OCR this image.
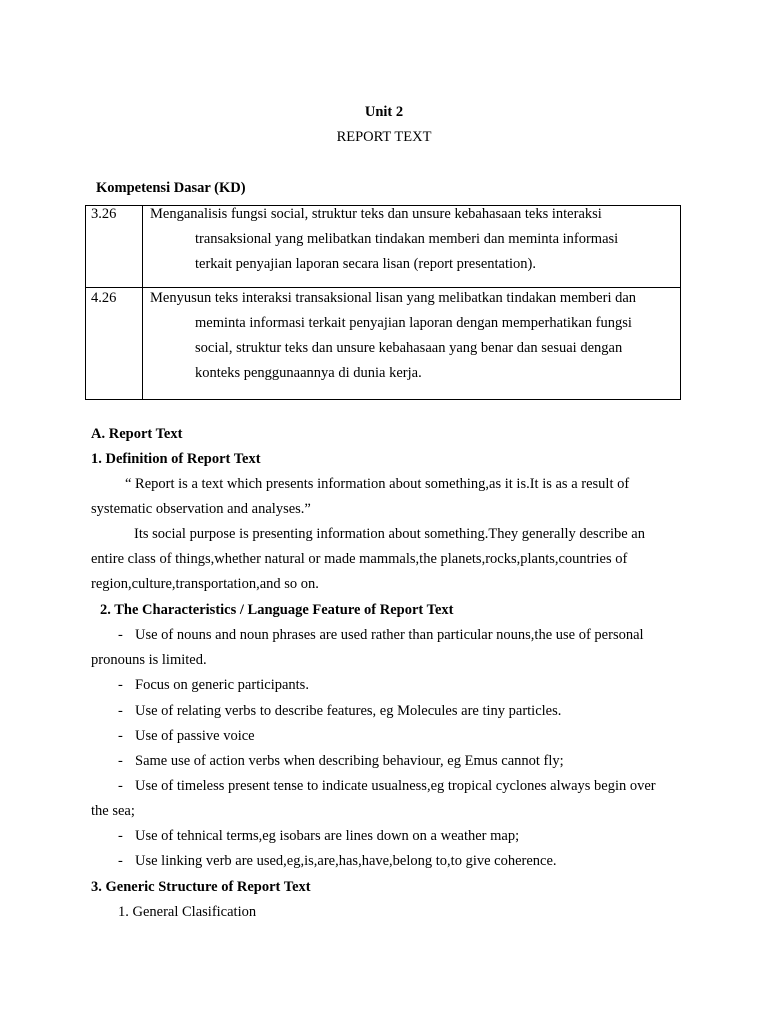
Unit 2
REPORT TEXT
Kompetensi Dasar (KD)
3.26	Menganalisis fungsi social, struktur teks dan unsure kebahasaan teks interaksi
transaksional yang melibatkan tindakan memberi dan meminta informasi
terkait penyajian laporan secara lisan (report presentation).

4.26	Menyusun teks interaksi transaksional lisan yang melibatkan tindakan memberi dan
meminta informasi terkait penyajian laporan dengan memperhatikan fungsi
social, struktur teks dan unsure kebahasaan yang benar dan sesuai dengan
konteks penggunaannya di dunia kerja.
A. Report Text
1. Definition of Report Text
“ Report is a text which presents information about something,as it is.It is as a result of
systematic observation and analyses.”
Its social purpose is presenting information about something.They generally describe an
entire class of things,whether natural or made mammals,the planets,rocks,plants,countries of
region,culture,transportation,and so on.
2. The Characteristics / Language Feature of Report Text
- Use of nouns and noun phrases are used rather than particular nouns,the use of personal
pronouns is limited.
- Focus on generic participants.
- Use of relating verbs to describe features, eg Molecules are tiny particles.
- Use of passive voice
- Same use of action verbs when describing behaviour, eg Emus cannot fly;
- Use of timeless present tense to indicate usualness,eg tropical cyclones always begin over
the sea;
- Use of tehnical terms,eg isobars are lines down on a weather map;
- Use linking verb are used,eg,is,are,has,have,belong to,to give coherence.
3. Generic Structure of Report Text
1. General Clasification
